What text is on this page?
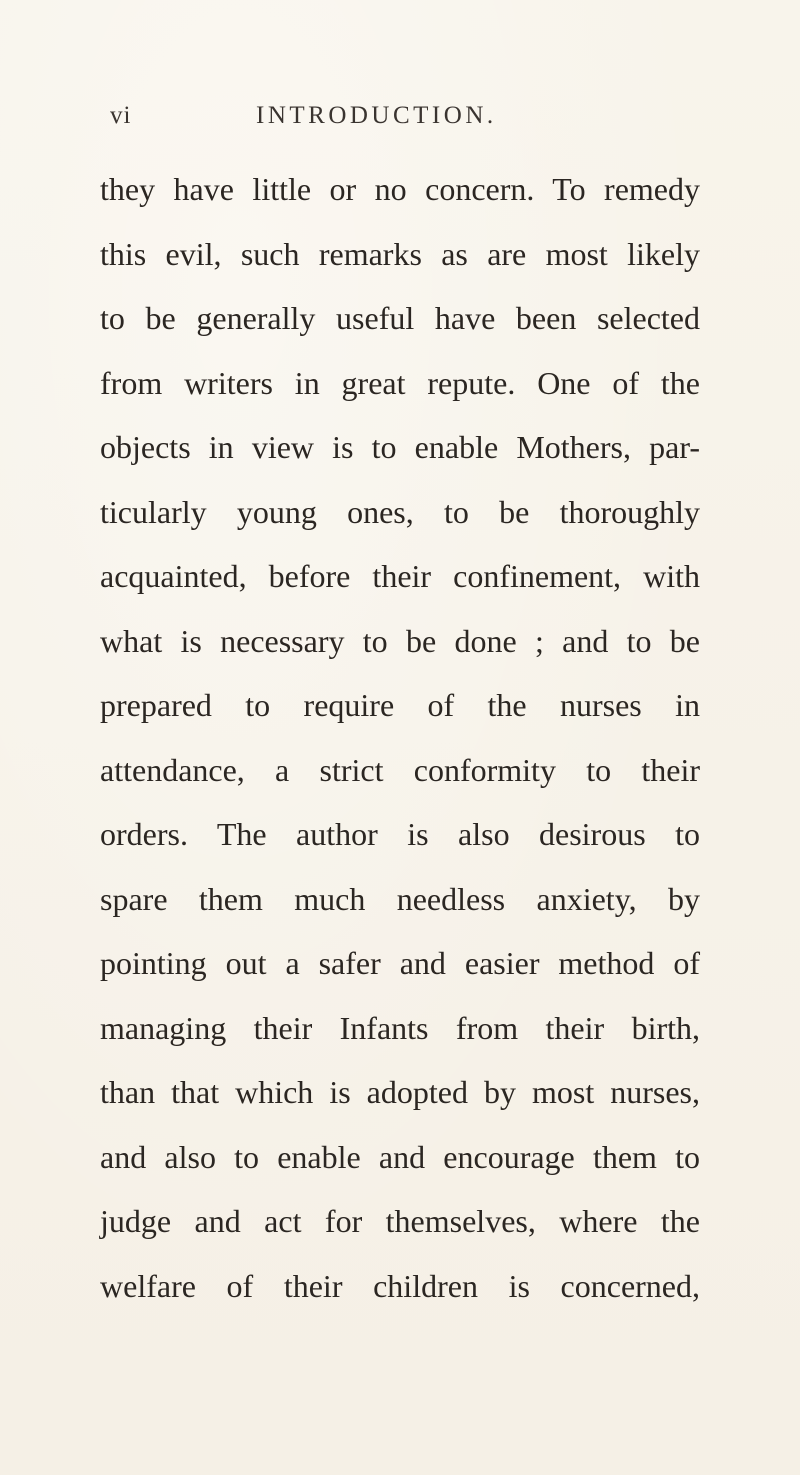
vi	INTRODUCTION.
they have little or no concern. To remedy
this evil, such remarks as are most likely
to be generally useful have been selected
from writers in great repute. One of the
objects in view is to enable Mothers, par-
ticularly young ones, to be thoroughly
acquainted, before their confinement, with
what is necessary to be done ; and to be
prepared to require of the nurses in
attendance, a strict conformity to their
orders. The author is also desirous to
spare them much needless anxiety, by
pointing out a safer and easier method of
managing their Infants from their birth,
than that which is adopted by most nurses,
and also to enable and encourage them to
judge and act for themselves, where the
welfare of their children is concerned,
